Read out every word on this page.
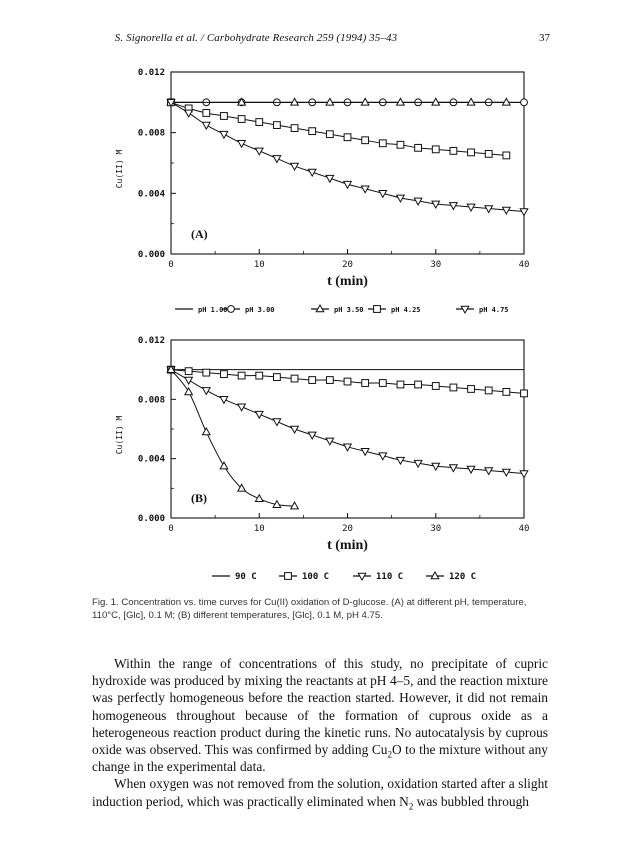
S. Signorella et al. / Carbohydrate Research 259 (1994) 35–43	37
0	10	20	30	40
0.000
0.004
0.008
0.012
Cu(II) M
t (min)
(A)
pH 1.00 pH 3.00	pH 3.50	pH 4.25	pH 4.75
0	10	20	30	40
0.000
0.004
0.008
0.012
Cu(II) M
t (min)
(B)
90 C	100 C	110 C	120 C
Fig. 1. Concentration vs. time curves for Cu(II) oxidation of D-glucose. (A) at different pH, temperature, 110°C, [Glc], 0.1 M; (B) different temperatures, [Glc], 0.1 M, pH 4.75.

Within the range of concentrations of this study, no precipitate of cupric hydroxide was produced by mixing the reactants at pH 4–5, and the reaction mixture was perfectly homogeneous before the reaction started. However, it did not remain homogeneous throughout because of the formation of cuprous oxide as a heterogeneous reaction product during the kinetic runs. No autocatalysis by cuprous oxide was observed. This was confirmed by adding $Cu_2O$ to the mixture without any change in the experimental data.

When oxygen was not removed from the solution, oxidation started after a slight induction period, which was practically eliminated when $N_2$ was bubbled through
